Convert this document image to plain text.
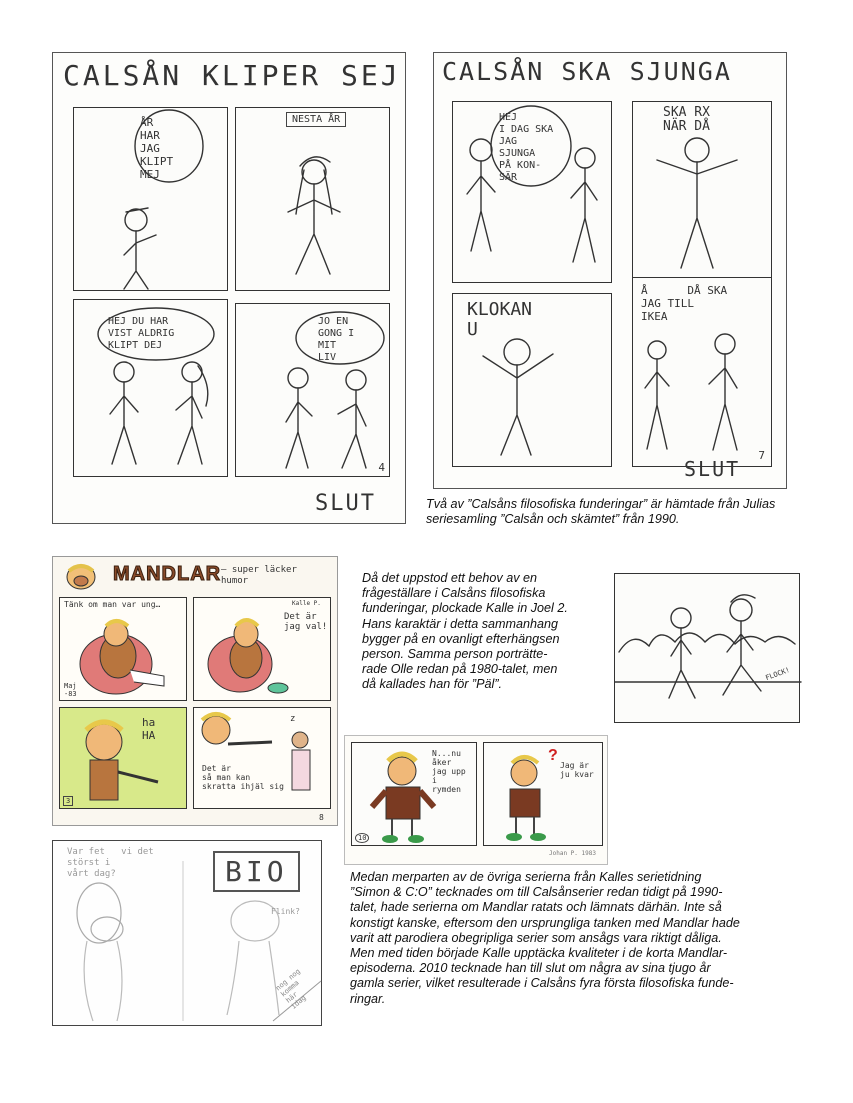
CALSÅN KLIPER SEJ
ÅR
HAR
JAG
KLIPT
MEJ
NESTA ÅR
HEJ DU HAR
VIST ALDRIG
KLIPT DEJ
JO EN
GONG I
MIT
LIV
4
SLUT
CALSÅN SKA SJUNGA
HEJ
I DAG SKA
JAG
SJUNGA
PÅ KON-
SÄR
SKA RX
NÄR DÅ
KLOKAN
U
Å      DÅ SKA
JAG TILL
IKEA
7
SLUT
Två av ”Calsåns filosofiska funderingar” är hämtade från Julias seriesamling ”Calsån och skämtet” från 1990.
MANDLAR – super läcker
humor
Tänk om man var ung…
Maj
-83
Det är
jag val!
Kalle P.
ha
HA
3
Det är
så man kan
skratta ihjäl sig
z
8

Då det uppstod ett behov av en

frågeställare i Calsåns filosofiska

funderingar, plockade Kalle in Joel 2.

Hans karaktär i detta sammanhang

bygger på en ovanligt efterhängsen

person. Samma person porträtte-

rade Olle redan på 1980-talet, men

då kallades han för ”Päl”.

FLOCK!
N...nu
åker
jag upp
i
rymden
10
?
Jag är
ju kvar
Johan P. 1983
Var fet   vi det
störst i
vårt dag?	BIO
Flink?
nog nog
komma
här
idag

Medan merparten av de övriga serierna från Kalles serietidning

”Simon & C:O” tecknades om till Calsånserier redan tidigt på 1990-

talet, hade serierna om Mandlar ratats och lämnats därhän. Inte så

konstigt kanske, eftersom den ursprungliga tanken med Mandlar hade

varit att parodiera obegripliga serier som ansågs vara riktigt dåliga.

Men med tiden började Kalle upptäcka kvaliteter i de korta Mandlar-

episoderna. 2010 tecknade han till slut om några av sina tjugo år

gamla serier, vilket resulterade i Calsåns fyra första filosofiska funde-

ringar.
